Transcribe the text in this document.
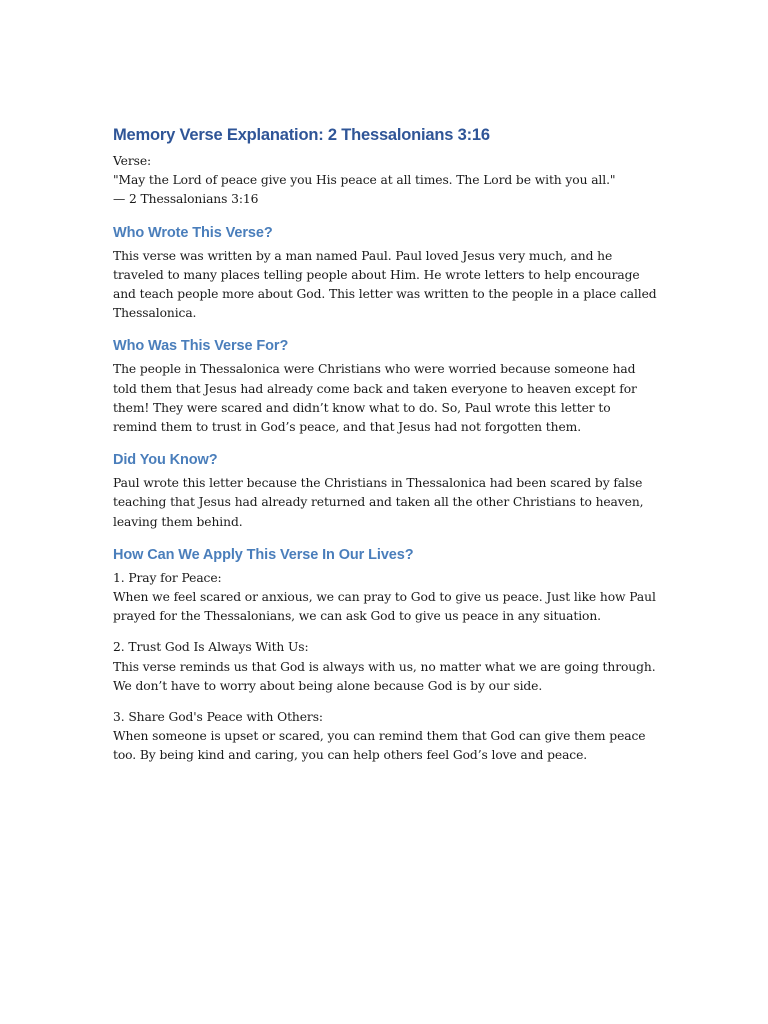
Memory Verse Explanation: 2 Thessalonians 3:16

Verse:

"May the Lord of peace give you His peace at all times. The Lord be with you all."

— 2 Thessalonians 3:16

Who Wrote This Verse?

This verse was written by a man named Paul. Paul loved Jesus very much, and he traveled to many places telling people about Him. He wrote letters to help encourage and teach people more about God. This letter was written to the people in a place called Thessalonica.

Who Was This Verse For?

The people in Thessalonica were Christians who were worried because someone had told them that Jesus had already come back and taken everyone to heaven except for them! They were scared and didn’t know what to do. So, Paul wrote this letter to remind them to trust in God’s peace, and that Jesus had not forgotten them.

Did You Know?

Paul wrote this letter because the Christians in Thessalonica had been scared by false teaching that Jesus had already returned and taken all the other Christians to heaven, leaving them behind.

How Can We Apply This Verse In Our Lives?

1. Pray for Peace:

When we feel scared or anxious, we can pray to God to give us peace. Just like how Paul prayed for the Thessalonians, we can ask God to give us peace in any situation.

2. Trust God Is Always With Us:

This verse reminds us that God is always with us, no matter what we are going through. We don’t have to worry about being alone because God is by our side.

3. Share God's Peace with Others:

When someone is upset or scared, you can remind them that God can give them peace too. By being kind and caring, you can help others feel God’s love and peace.
